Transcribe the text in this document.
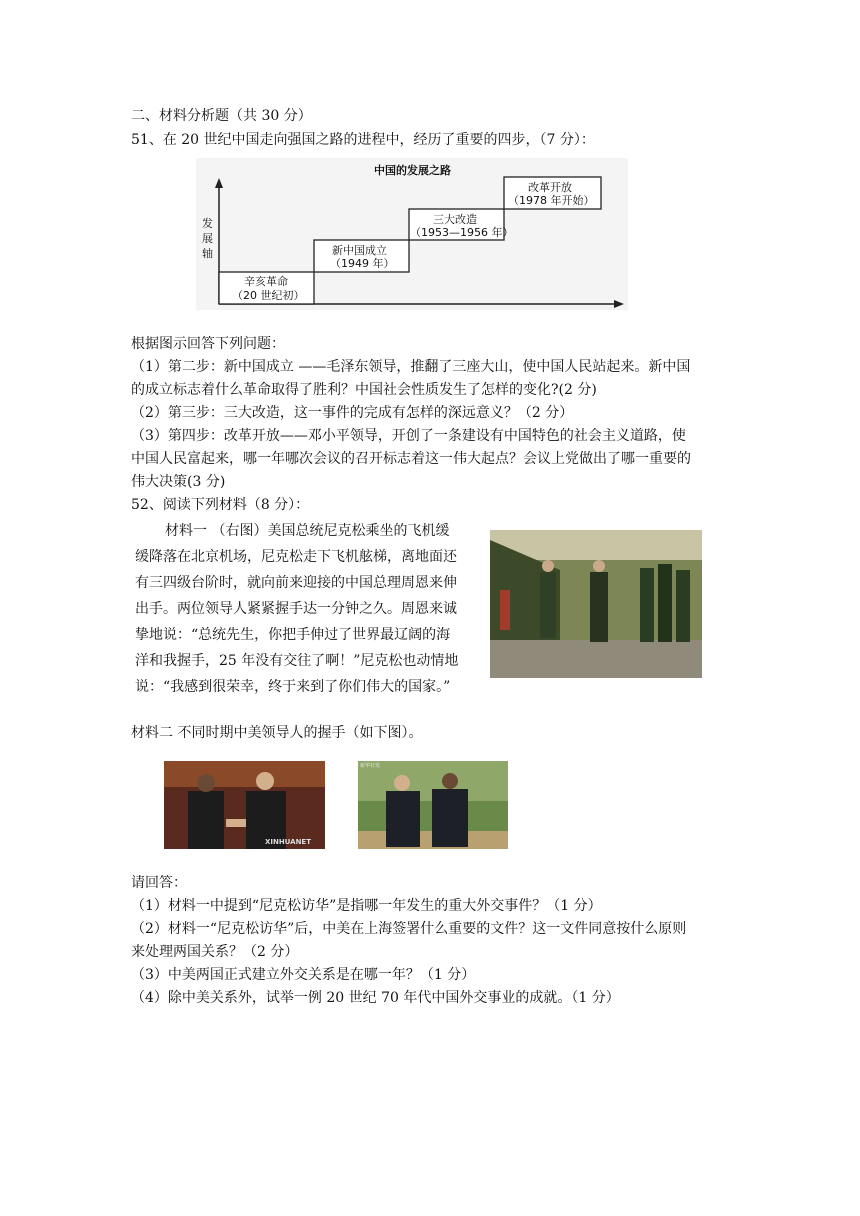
二、材料分析题（共 30 分）
51、在 20 世纪中国走向强国之路的进程中，经历了重要的四步，（7 分）：
中国的发展之路
发
展
轴
辛亥革命
（20 世纪初）
新中国成立
（1949 年）
三大改造
（1953—1956 年）
改革开放
（1978 年开始）
根据图示回答下列问题：
（1）第二步：新中国成立 ——毛泽东领导，推翻了三座大山，使中国人民站起来。新中国
的成立标志着什么革命取得了胜利？中国社会性质发生了怎样的变化?(2 分)
（2）第三步：三大改造，这一事件的完成有怎样的深远意义？（2 分）
（3）第四步：改革开放——邓小平领导，开创了一条建设有中国特色的社会主义道路，使
中国人民富起来，哪一年哪次会议的召开标志着这一伟大起点？会议上党做出了哪一重要的
伟大决策(3 分)
52、阅读下列材料（8 分）：
材料一 （右图）美国总统尼克松乘坐的飞机缓
缓降落在北京机场，尼克松走下飞机舷梯，离地面还
有三四级台阶时，就向前来迎接的中国总理周恩来伸
出手。两位领导人紧紧握手达一分钟之久。周恩来诚
挚地说：“总统先生，你把手伸过了世界最辽阔的海
洋和我握手，25 年没有交往了啊！”尼克松也动情地
说：“我感到很荣幸，终于来到了你们伟大的国家。”
材料二 不同时期中美领导人的握手（如下图）。
XINHUANET
新华社发
请回答：
（1）材料一中提到“尼克松访华”是指哪一年发生的重大外交事件？（1 分）
（2）材料一“尼克松访华”后，中美在上海签署什么重要的文件？这一文件同意按什么原则
来处理两国关系？（2 分）
（3）中美两国正式建立外交关系是在哪一年？（1 分）
（4）除中美关系外，试举一例 20 世纪 70 年代中国外交事业的成就。（1 分）
